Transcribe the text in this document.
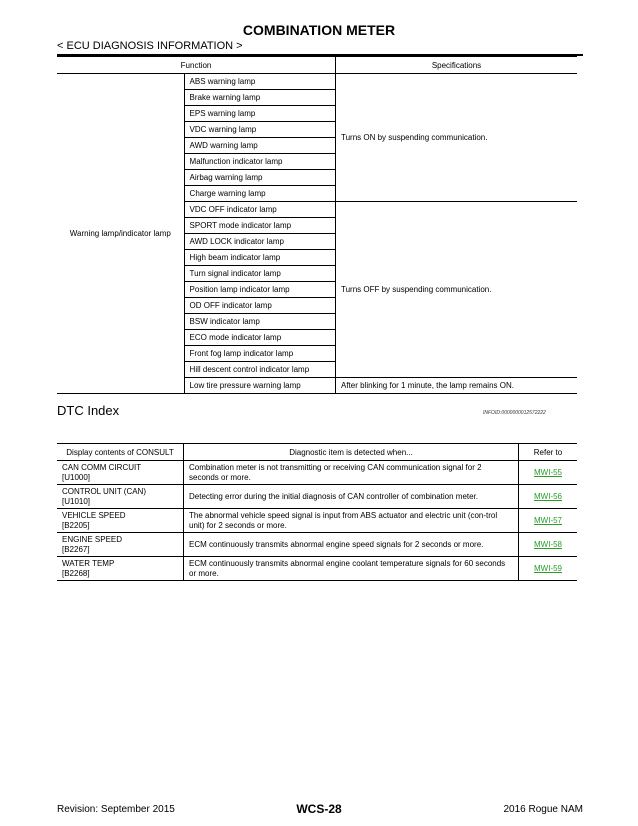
COMBINATION METER
< ECU DIAGNOSIS INFORMATION >
Function		Specifications
Warning lamp/indicator lamp	ABS warning lamp	Turns ON by suspending communication.
	Brake warning lamp	
	EPS warning lamp	
	VDC warning lamp	
	AWD warning lamp	
	Malfunction indicator lamp	
	Airbag warning lamp	
	Charge warning lamp	
	VDC OFF indicator lamp	Turns OFF by suspending communication.
	SPORT mode indicator lamp	
	AWD LOCK indicator lamp	
	High beam indicator lamp	
	Turn signal indicator lamp	
	Position lamp indicator lamp	
	OD OFF indicator lamp	
	BSW indicator lamp	
	ECO mode indicator lamp	
	Front fog lamp indicator lamp	
	Hill descent control indicator lamp	
	Low tire pressure warning lamp	After blinking for 1 minute, the lamp remains ON.
DTC Index	INFOID:0000000012572222
Display contents of CONSULT	Diagnostic item is detected when...	Refer to
CAN COMM CIRCUIT
[U1000]	Combination meter is not transmitting or receiving CAN communication signal for 2 seconds or more.	MWI-55
CONTROL UNIT (CAN)
[U1010]	Detecting error during the initial diagnosis of CAN controller of combination meter.	MWI-56
VEHICLE SPEED
[B2205]	The abnormal vehicle speed signal is input from ABS actuator and electric unit (con-trol unit) for 2 seconds or more.	MWI-57
ENGINE SPEED
[B2267]	ECM continuously transmits abnormal engine speed signals for 2 seconds or more.	MWI-58
WATER TEMP
[B2268]	ECM continuously transmits abnormal engine coolant temperature signals for 60 seconds or more.	MWI-59
Revision: September 2015	WCS-28	2016 Rogue NAM
